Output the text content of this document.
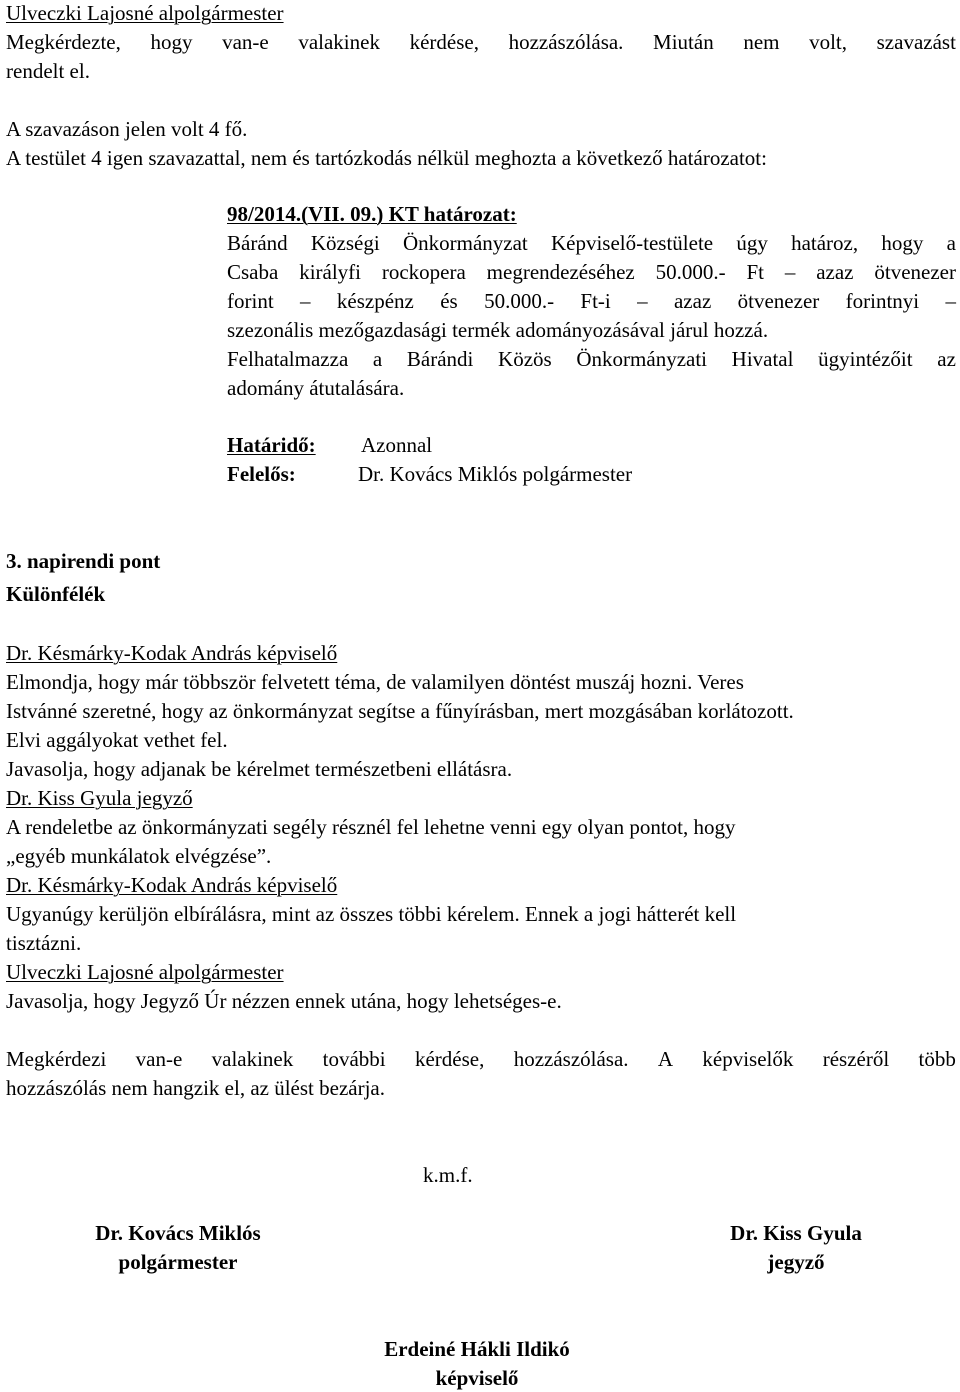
Ulveczki Lajosné alpolgármester
Megkérdezte, hogy van-e valakinek kérdése, hozzászólása. Miután nem volt, szavazást
rendelt el.
A szavazáson jelen volt 4 fő.
A testület 4 igen szavazattal, nem és tartózkodás nélkül meghozta a következő határozatot:
98/2014.(VII. 09.) KT határozat:
Báránd Községi Önkormányzat Képviselő-testülete úgy határoz, hogy a
Csaba királyfi rockopera megrendezéséhez 50.000.- Ft – azaz ötvenezer
forint – készpénz és 50.000.- Ft-i – azaz ötvenezer forintnyi –
szezonális mezőgazdasági termék adományozásával járul hozzá.
Felhatalmazza a Bárándi Közös Önkormányzati Hivatal ügyintézőit az
adomány átutalására.
Határidő: Azonnal
Felelős:	Dr. Kovács Miklós polgármester
3. napirendi pont
Különfélék
Dr. Késmárky-Kodak András képviselő
Elmondja, hogy már többször felvetett téma, de valamilyen döntést muszáj hozni. Veres
Istvánné szeretné, hogy az önkormányzat segítse a fűnyírásban, mert mozgásában korlátozott.
Elvi aggályokat vethet fel.
Javasolja, hogy adjanak be kérelmet természetbeni ellátásra.
Dr. Kiss Gyula jegyző
A rendeletbe az önkormányzati segély résznél fel lehetne venni egy olyan pontot, hogy
„egyéb munkálatok elvégzése”.
Dr. Késmárky-Kodak András képviselő
Ugyanúgy kerüljön elbírálásra, mint az összes többi kérelem. Ennek a jogi hátterét kell
tisztázni.
Ulveczki Lajosné alpolgármester
Javasolja, hogy Jegyző Úr nézzen ennek utána, hogy lehetséges-e.
Megkérdezi van-e valakinek további kérdése, hozzászólása. A képviselők részéről több
hozzászólás nem hangzik el, az ülést bezárja.
k.m.f.
Dr. Kovács Miklós
polgármester
Dr. Kiss Gyula
jegyző
Erdeiné Hákli Ildikó
képviselő
